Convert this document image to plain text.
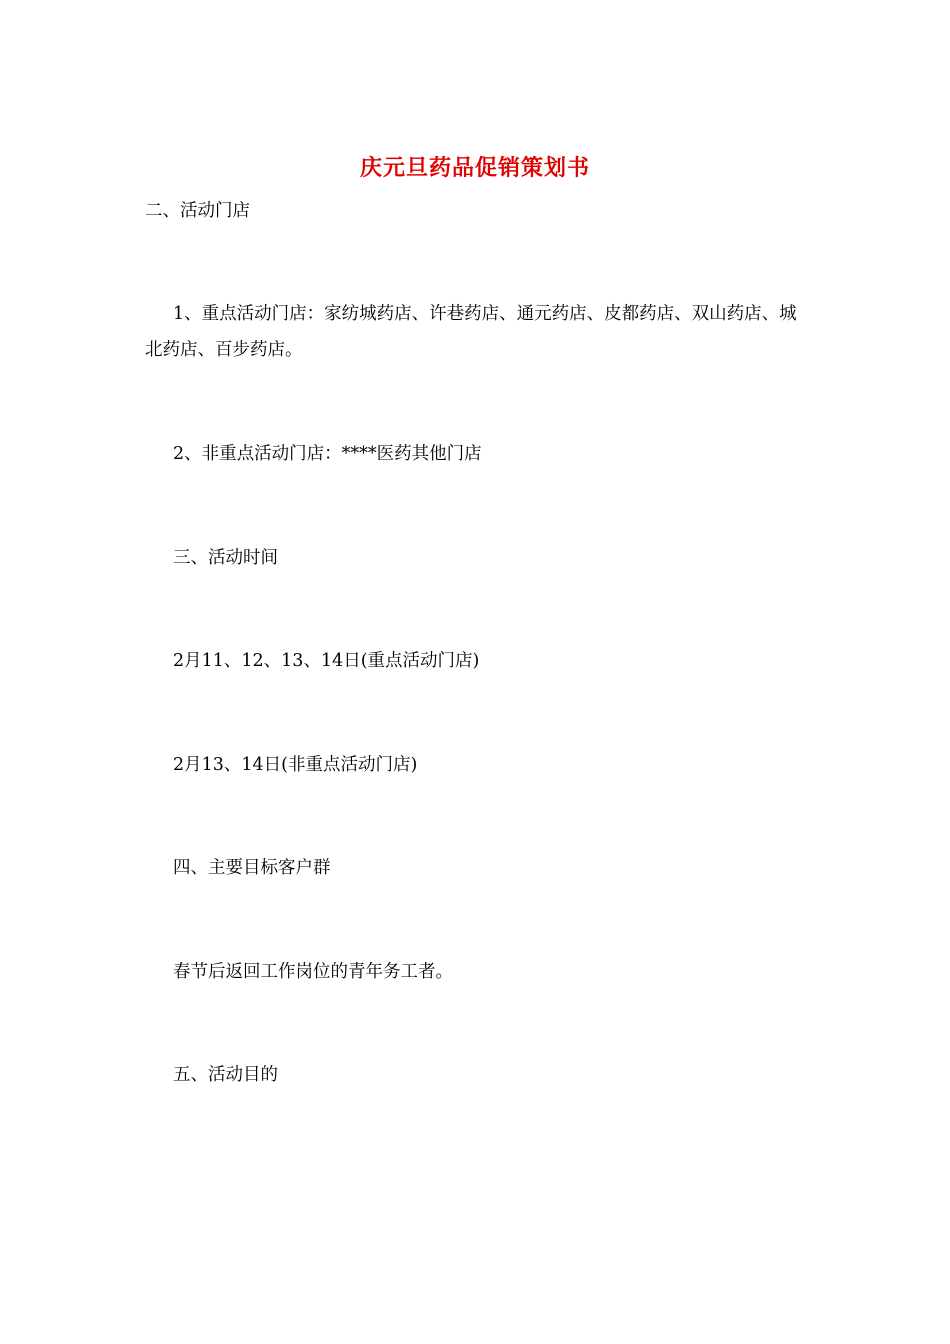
庆元旦药品促销策划书
二、活动门店
1、重点活动门店：家纺城药店、许巷药店、通元药店、皮都药店、双山药店、城北药店、百步药店。
2、非重点活动门店：****医药其他门店
三、活动时间
2月11、12、13、14日(重点活动门店)
2月13、14日(非重点活动门店)
四、主要目标客户群
春节后返回工作岗位的青年务工者。
五、活动目的
